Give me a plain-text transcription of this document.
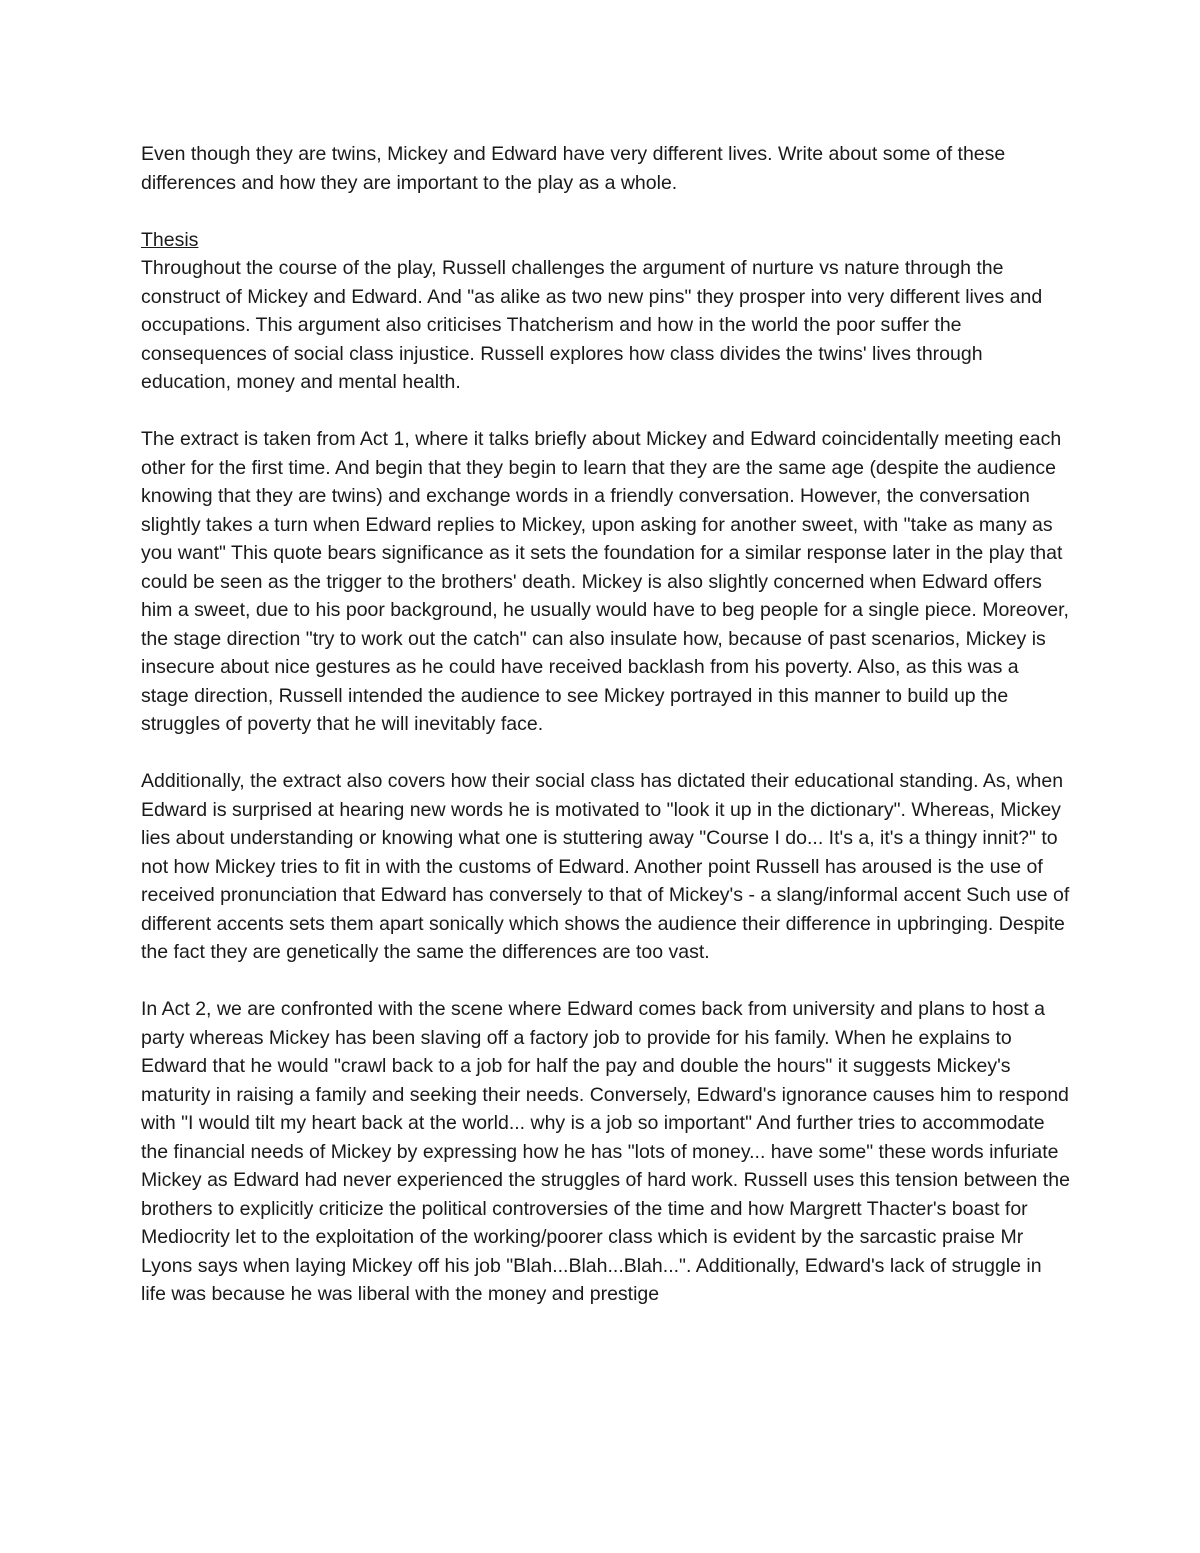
Even though they are twins, Mickey and Edward have very different lives. Write about some of these differences and how they are important to the play as a whole.

Thesis

Throughout the course of the play, Russell challenges the argument of nurture vs nature through the construct of Mickey and Edward. And "as alike as two new pins" they prosper into very different lives and occupations. This argument also criticises Thatcherism and how in the world the poor suffer the consequences of social class injustice. Russell explores how class divides the twins' lives through education, money and mental health.

The extract is taken from Act 1, where it talks briefly about Mickey and Edward coincidentally meeting each other for the first time. And begin that they begin to learn that they are the same age (despite the audience knowing that they are twins) and exchange words in a friendly conversation. However, the conversation slightly takes a turn when Edward replies to Mickey, upon asking for another sweet, with "take as many as you want" This quote bears significance as it sets the foundation for a similar response later in the play that could be seen as the trigger to the brothers' death. Mickey is also slightly concerned when Edward offers him a sweet, due to his poor background, he usually would have to beg people for a single piece. Moreover, the stage direction "try to work out the catch" can also insulate how, because of past scenarios, Mickey is insecure about nice gestures as he could have received backlash from his poverty. Also, as this was a stage direction, Russell intended the audience to see Mickey portrayed in this manner to build up the struggles of poverty that he will inevitably face.

Additionally, the extract also covers how their social class has dictated their educational standing. As, when Edward is surprised at hearing new words he is motivated to "look it up in the dictionary". Whereas, Mickey lies about understanding or knowing what one is stuttering away "Course I do... It's a, it's a thingy innit?" to not how Mickey tries to fit in with the customs of Edward. Another point Russell has aroused is the use of received pronunciation that Edward has conversely to that of Mickey's - a slang/informal accent Such use of different accents sets them apart sonically which shows the audience their difference in upbringing. Despite the fact they are genetically the same the differences are too vast.

In Act 2, we are confronted with the scene where Edward comes back from university and plans to host a party whereas Mickey has been slaving off a factory job to provide for his family. When he explains to Edward that he would "crawl back to a job for half the pay and double the hours" it suggests Mickey's maturity in raising a family and seeking their needs. Conversely, Edward's ignorance causes him to respond with "I would tilt my heart back at the world... why is a job so important" And further tries to accommodate the financial needs of Mickey by expressing how he has "lots of money... have some" these words infuriate Mickey as Edward had never experienced the struggles of hard work. Russell uses this tension between the brothers to explicitly criticize the political controversies of the time and how Margrett Thacter's boast for Mediocrity let to the exploitation of the working/poorer class which is evident by the sarcastic praise Mr Lyons says when laying Mickey off his job "Blah...Blah...Blah...". Additionally, Edward's lack of struggle in life was because he was liberal with the money and prestige
